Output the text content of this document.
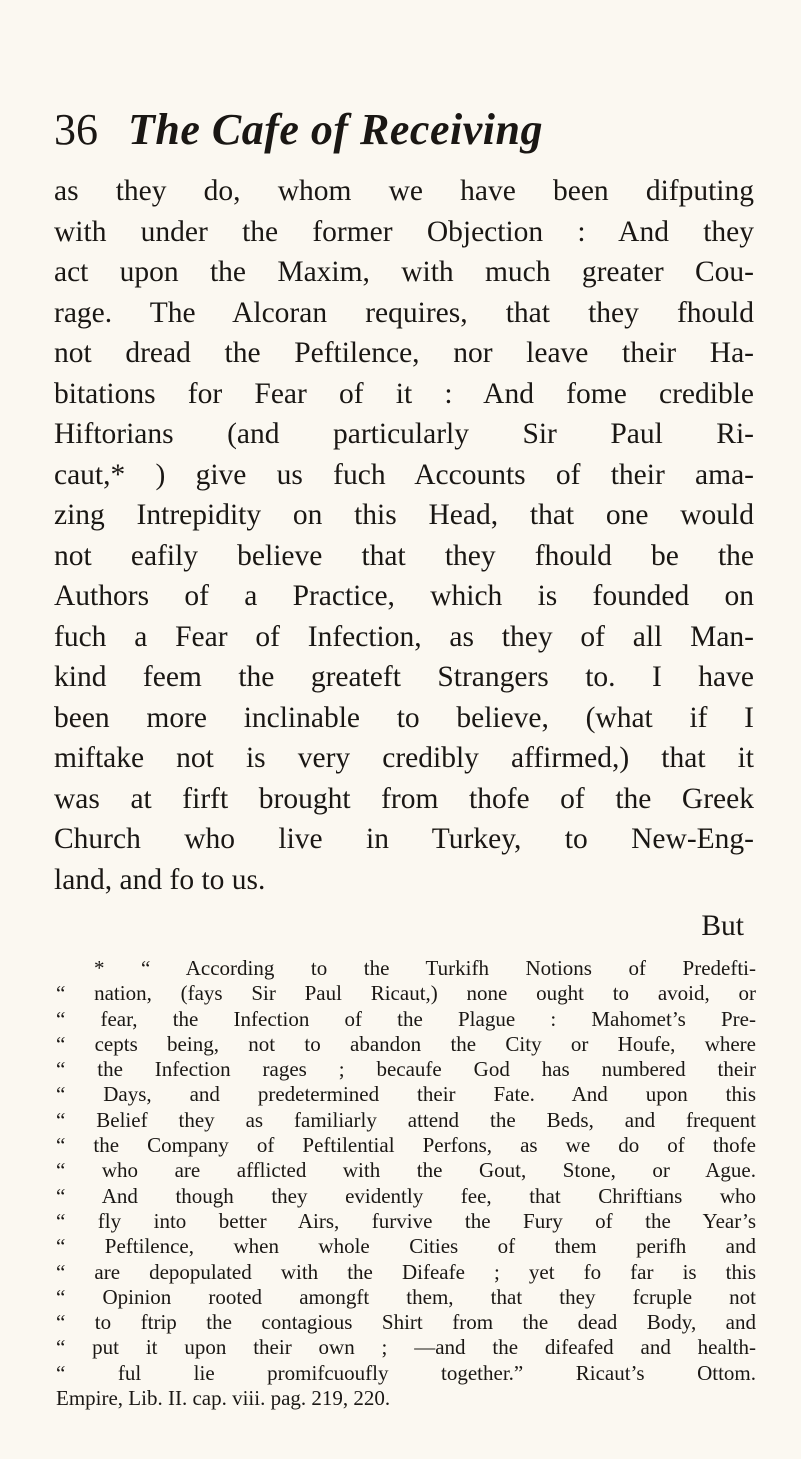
36 The Cafe of Receiving
as they do, whom we have been difputing
with under the former Objection : And they
act upon the Maxim, with much greater Cou-
rage. The Alcoran requires, that they fhould
not dread the Peftilence, nor leave their Ha-
bitations for Fear of it : And fome credible
Hiftorians (and particularly Sir Paul Ri-
caut,* ) give us fuch Accounts of their ama-
zing Intrepidity on this Head, that one would
not eafily believe that they fhould be the
Authors of a Practice, which is founded on
fuch a Fear of Infection, as they of all Man-
kind feem the greateft Strangers to. I have
been more inclinable to believe, (what if I
miftake not is very credibly affirmed,) that it
was at firft brought from thofe of the Greek
Church who live in Turkey, to New-Eng-
land, and fo to us.
But
* “ According to the Turkifh Notions of Predefti-
“ nation, (fays Sir Paul Ricaut,) none ought to avoid, or
“ fear, the Infection of the Plague : Mahomet’s Pre-
“ cepts being, not to abandon the City or Houfe, where
“ the Infection rages ; becaufe God has numbered their
“ Days, and predetermined their Fate. And upon this
“ Belief they as familiarly attend the Beds, and frequent
“ the Company of Peftilential Perfons, as we do of thofe
“ who are afflicted with the Gout, Stone, or Ague.
“ And though they evidently fee, that Chriftians who
“ fly into better Airs, furvive the Fury of the Year’s
“ Peftilence, when whole Cities of them perifh and
“ are depopulated with the Difeafe ; yet fo far is this
“ Opinion rooted amongft them, that they fcruple not
“ to ftrip the contagious Shirt from the dead Body, and
“ put it upon their own ; —and the difeafed and health-
“ ful lie promifcuoufly together.” Ricaut’s Ottom.
Empire, Lib. II. cap. viii. pag. 219, 220.
